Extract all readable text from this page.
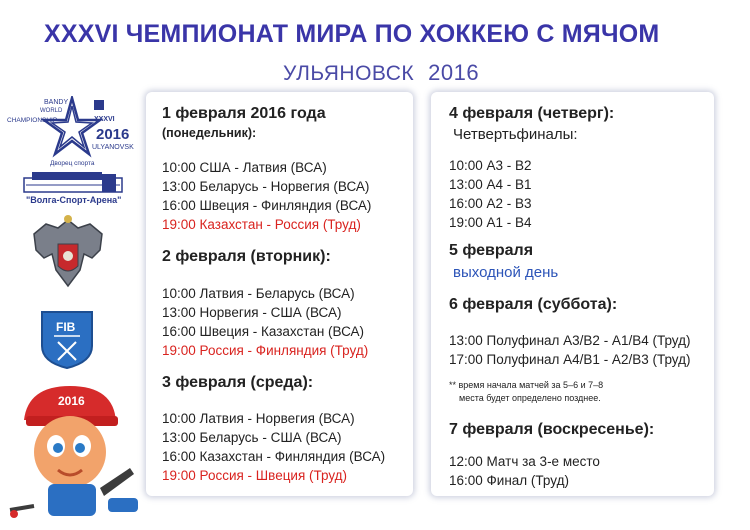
XXXVI ЧЕМПИОНАТ МИРА ПО ХОККЕЮ С МЯЧОМ
УЛЬЯНОВСК 2016
BANDY
WORLD
CHAMPIONSHIP	XXXVI
2016
ULYANOVSK
Дворец спорта
"Волга-Спорт-Арена"
FIB
2016
1 февраля 2016 года
(понедельник):
10:00 США - Латвия (ВСА)
13:00 Беларусь - Норвегия (ВСА)
16:00 Швеция - Финляндия (ВСА)
19:00 Казахстан - Россия (Труд)
2 февраля (вторник):
10:00 Латвия - Беларусь (ВСА)
13:00 Норвегия - США (ВСА)
16:00 Швеция - Казахстан (ВСА)
19:00 Россия - Финляндия (Труд)
3 февраля (среда):
10:00 Латвия - Норвегия (ВСА)
13:00 Беларусь - США (ВСА)
16:00 Казахстан - Финляндия (ВСА)
19:00 Россия - Швеция (Труд)
4 февраля (четверг):
Четвертьфиналы:
10:00 А3 - В2
13:00 А4 - В1
16:00 А2 - В3
19:00 А1 - В4
5 февраля
выходной день
6 февраля (суббота):
13:00 Полуфинал А3/В2 - А1/В4 (Труд)
17:00 Полуфинал А4/В1 - А2/В3 (Труд)
** время начала матчей за 5–6 и 7–8
места будет определено позднее.
7 февраля (воскресенье):
12:00 Матч за 3-е место
16:00 Финал (Труд)
